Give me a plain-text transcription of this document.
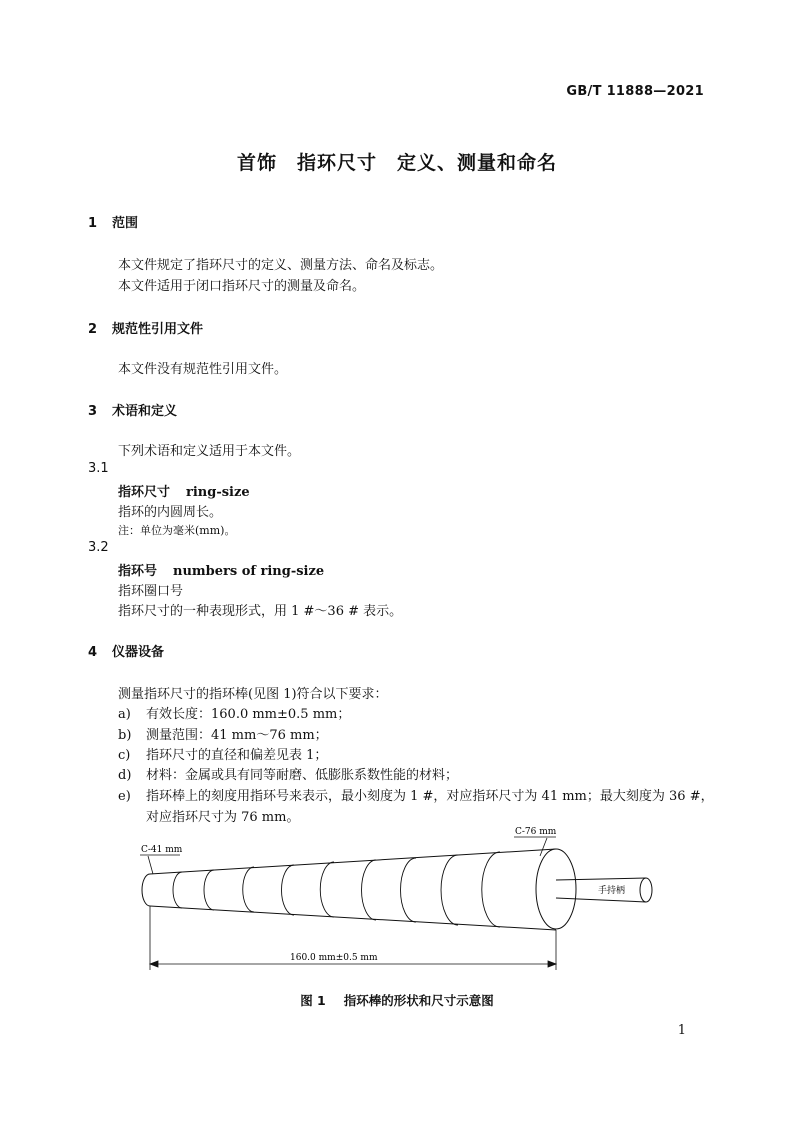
GB/T 11888—2021
首饰　指环尺寸　定义、测量和命名
1 范围
本文件规定了指环尺寸的定义、测量方法、命名及标志。
本文件适用于闭口指环尺寸的测量及命名。
2 规范性引用文件
本文件没有规范性引用文件。
3 术语和定义
下列术语和定义适用于本文件。
3.1
指环尺寸 ring-size
指环的内圆周长。
注：单位为毫米(mm)。
3.2
指环号 numbers of ring-size
指环圈口号
指环尺寸的一种表现形式，用 1 #～36 # 表示。
4 仪器设备
测量指环尺寸的指环棒(见图 1)符合以下要求：
a) 有效长度：160.0 mm±0.5 mm；
b) 测量范围：41 mm～76 mm；
c) 指环尺寸的直径和偏差见表 1；
d) 材料：金属或具有同等耐磨、低膨胀系数性能的材料；
e) 指环棒上的刻度用指环号来表示，最小刻度为 1 #，对应指环尺寸为 41 mm；最大刻度为 36 #，
对应指环尺寸为 76 mm。
C-41 mm
C-76 mm
手持柄
160.0 mm±0.5 mm
图 1 指环棒的形状和尺寸示意图
1
